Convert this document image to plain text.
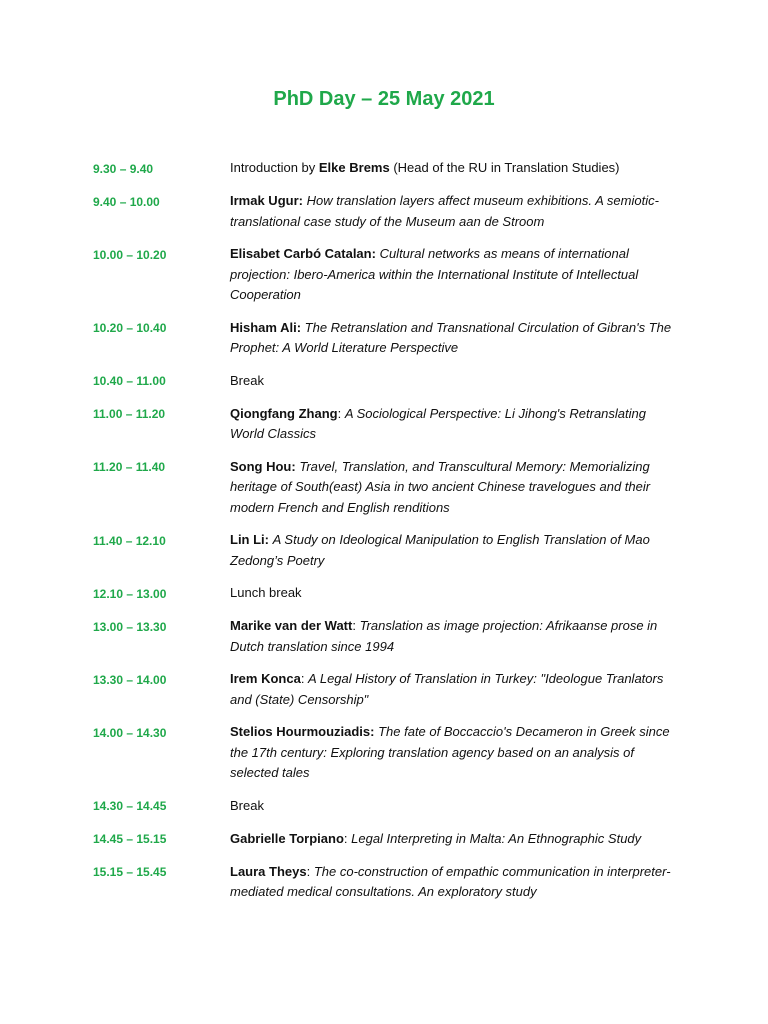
PhD Day – 25 May 2021
9.30 – 9.40	Introduction by Elke Brems (Head of the RU in Translation Studies)
9.40 – 10.00	Irmak Ugur: How translation layers affect museum exhibitions. A semiotic-translational case study of the Museum aan de Stroom
10.00 – 10.20	Elisabet Carbó Catalan: Cultural networks as means of international projection: Ibero-America within the International Institute of Intellectual Cooperation
10.20 – 10.40	Hisham Ali: The Retranslation and Transnational Circulation of Gibran's The Prophet: A World Literature Perspective
10.40 – 11.00	Break
11.00 – 11.20	Qiongfang Zhang: A Sociological Perspective: Li Jihong's Retranslating World Classics
11.20 – 11.40	Song Hou: Travel, Translation, and Transcultural Memory: Memorializing heritage of South(east) Asia in two ancient Chinese travelogues and their modern French and English renditions
11.40 – 12.10	Lin Li: A Study on Ideological Manipulation to English Translation of Mao Zedong’s Poetry
12.10 – 13.00	Lunch break
13.00 – 13.30	Marike van der Watt: Translation as image projection: Afrikaanse prose in Dutch translation since 1994
13.30 – 14.00	Irem Konca: A Legal History of Translation in Turkey: "Ideologue Tranlators and (State) Censorship"
14.00 – 14.30	Stelios Hourmouziadis: The fate of Boccaccio's Decameron in Greek since the 17th century: Exploring translation agency based on an analysis of selected tales
14.30 – 14.45	Break
14.45 – 15.15	Gabrielle Torpiano: Legal Interpreting in Malta: An Ethnographic Study
15.15 – 15.45	Laura Theys: The co-construction of empathic communication in interpreter-mediated medical consultations. An exploratory study
